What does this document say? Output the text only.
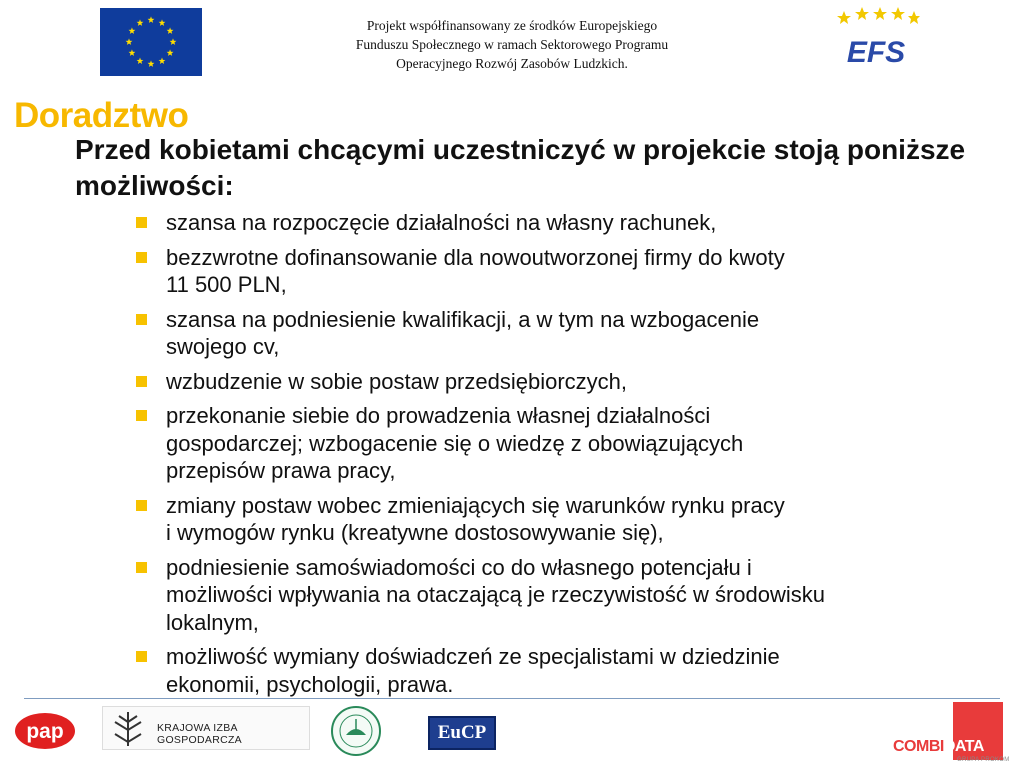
Projekt współfinansowany ze środków Europejskiego
Funduszu Społecznego w ramach Sektorowego Programu
Operacyjnego Rozwój Zasobów Ludzkich.	EFS
Doradztwo

Przed kobietami chcącymi uczestniczyć w projekcie stoją poniższe możliwości:

szansa na rozpoczęcie działalności na własny rachunek,
bezzwrotne dofinansowanie dla nowoutworzonej firmy do kwoty
11 500 PLN,
szansa na podniesienie kwalifikacji, a w tym na wzbogacenie
swojego cv,
wzbudzenie w sobie postaw przedsiębiorczych,
przekonanie siebie do prowadzenia własnej działalności
gospodarczej; wzbogacenie się o wiedzę z obowiązujących
przepisów prawa pracy,
zmiany postaw wobec zmieniających się warunków rynku pracy
i wymogów rynku (kreatywne dostosowywanie się),
podniesienie samoświadomości co do własnego potencjału i
możliwości wpływania na otaczającą je rzeczywistość w środowisku
lokalnym,
możliwość wymiany doświadczeń ze specjalistami w dziedzinie
ekonomii, psychologii, prawa.
pap	KRAJOWA IZBA GOSPODARCZA	EuCP
COMBIDATA
GRUPA PROKOM
